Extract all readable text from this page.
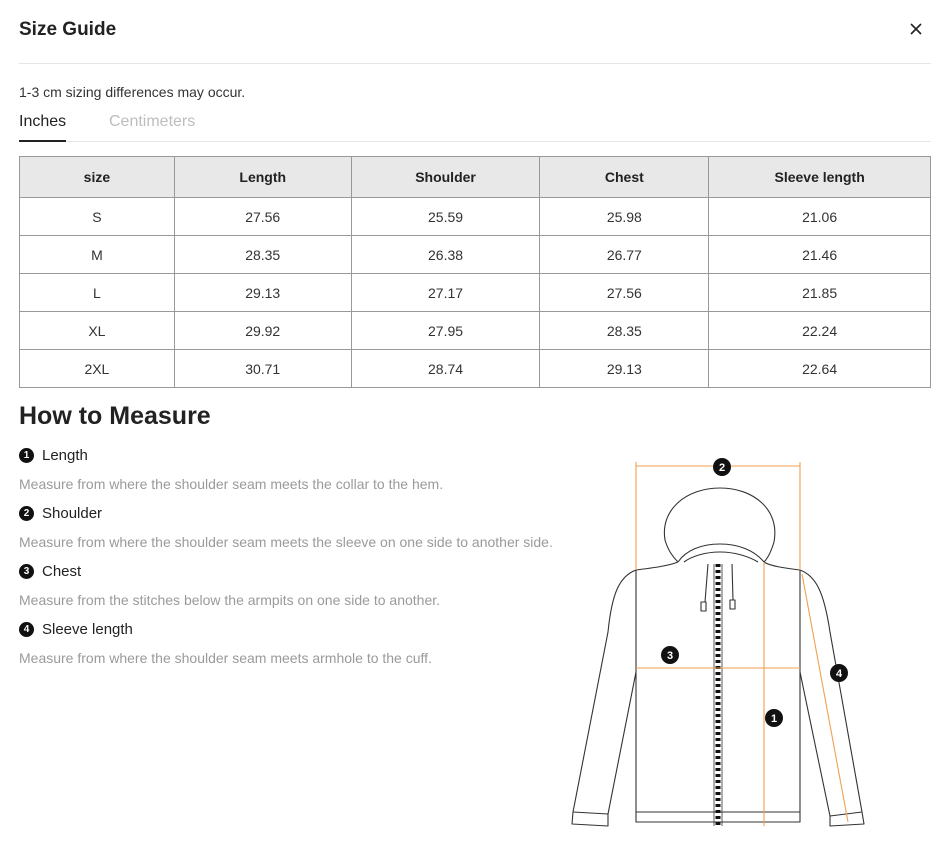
Size Guide
1-3 cm sizing differences may occur.
Inches	Centimeters
size	Length	Shoulder	Chest	Sleeve length
S	27.56	25.59	25.98	21.06
M	28.35	26.38	26.77	21.46
L	29.13	27.17	27.56	21.85
XL	29.92	27.95	28.35	22.24
2XL	30.71	28.74	29.13	22.64
How to Measure
1 Length
Measure from where the shoulder seam meets the collar to the hem.
2 Shoulder
Measure from where the shoulder seam meets the sleeve on one side to another side.
3 Chest
Measure from the stitches below the armpits on one side to another.
4 Sleeve length
Measure from where the shoulder seam meets armhole to the cuff.
2
3
1
4
